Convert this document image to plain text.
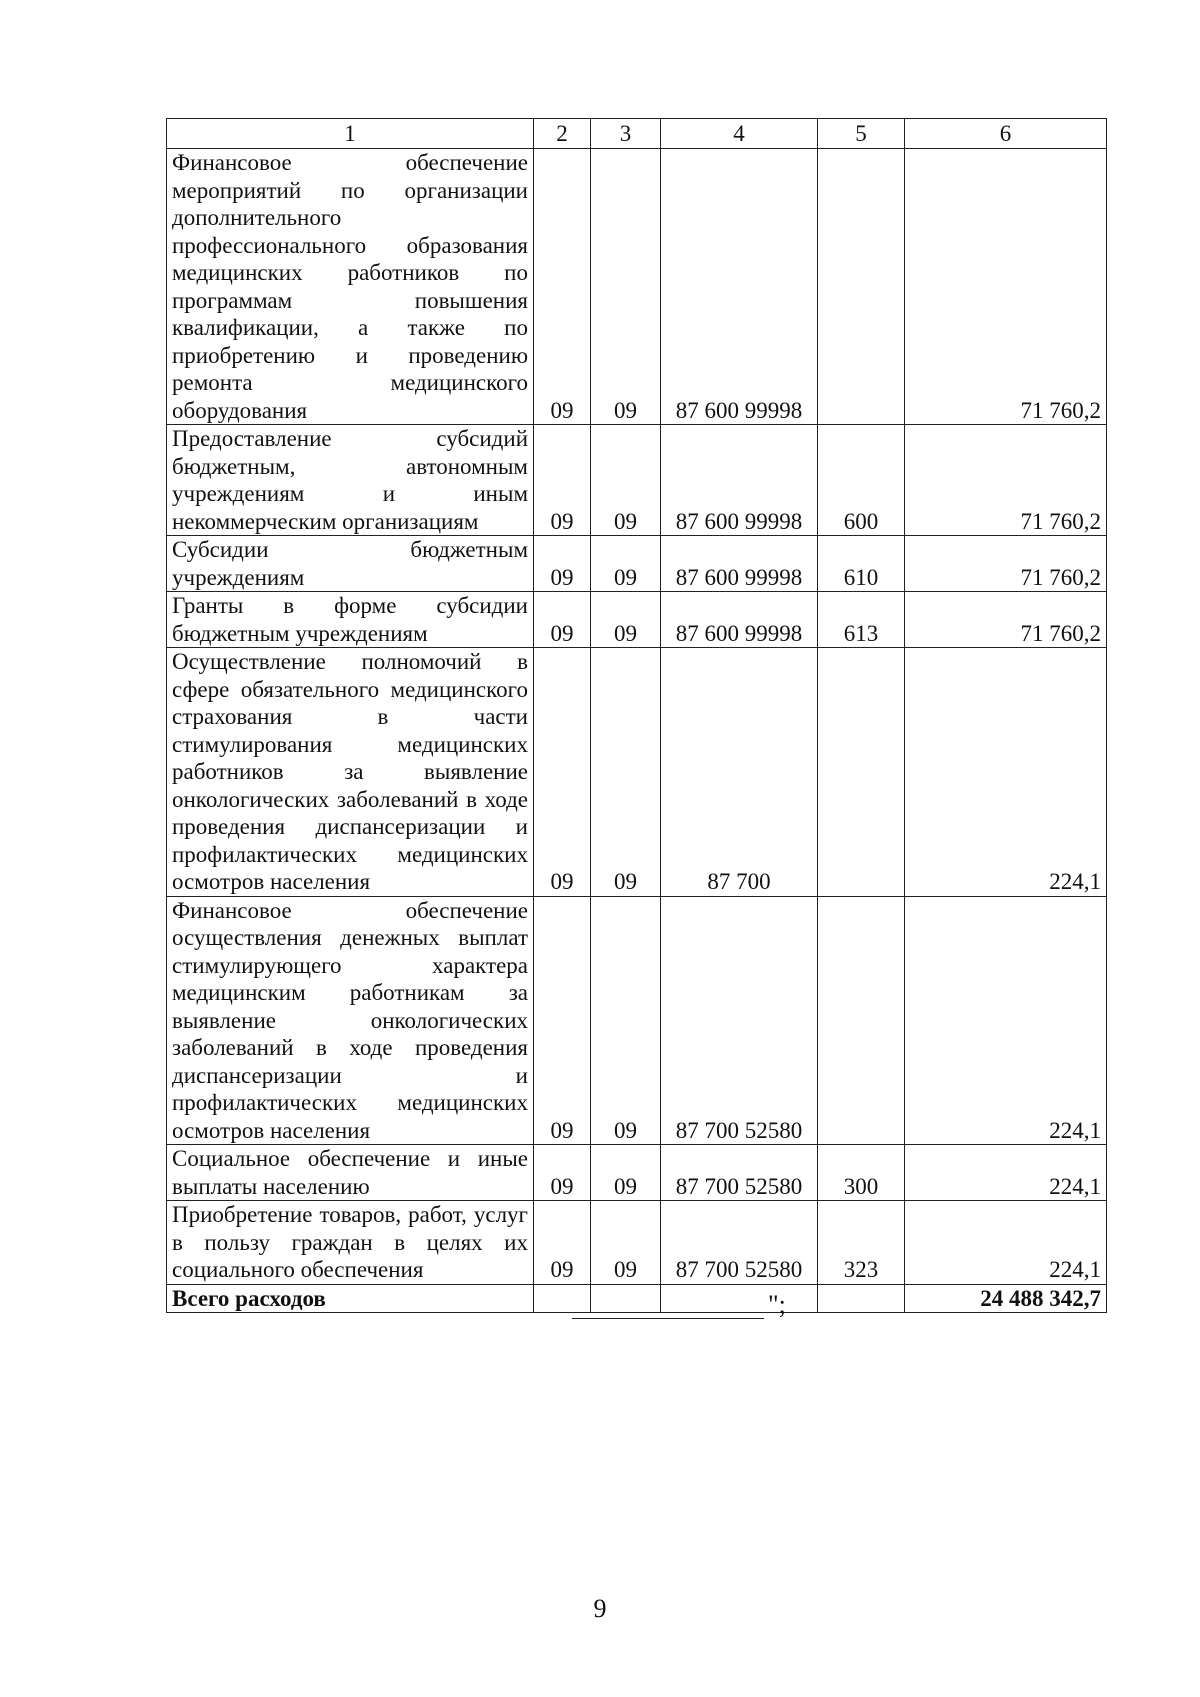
1	2	3	4	5	6
Финансовое обеспечение мероприятий по организации дополнительного профессионального образования медицинских работников по программам повышения квалификации, а также по приобретению и проведению ремонта медицинского оборудования	09	09	87 600 99998		71 760,2
Предоставление субсидий бюджетным, автономным учреждениям и иным некоммерческим организациям	09	09	87 600 99998	600	71 760,2
Субсидии бюджетным учреждениям	09	09	87 600 99998	610	71 760,2
Гранты в форме субсидии бюджетным учреждениям	09	09	87 600 99998	613	71 760,2
Осуществление полномочий в сфере обязательного медицинского страхования в части стимулирования медицинских работников за выявление онкологических заболеваний в ходе проведения диспансеризации и профилактических медицинских осмотров населения	09	09	87 700		224,1
Финансовое обеспечение осуществления денежных выплат стимулирующего характера медицинским работникам за выявление онкологических заболеваний в ходе проведения диспансеризации и профилактических медицинских осмотров населения	09	09	87 700 52580		224,1
Социальное обеспечение и иные выплаты населению	09	09	87 700 52580	300	224,1
Приобретение товаров, работ, услуг в пользу граждан в целях их социального обеспечения	09	09	87 700 52580	323	224,1
Всего расходов					24 488 342,7
";
9
